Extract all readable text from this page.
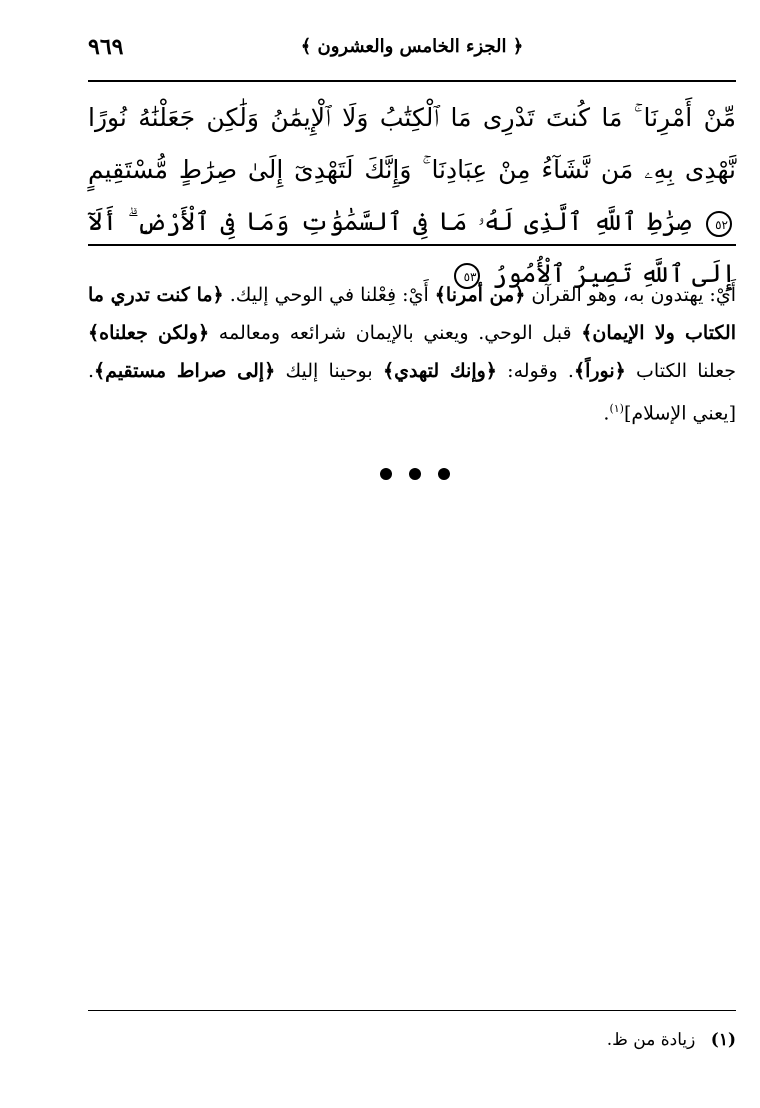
﴿ الجزء الخامس والعشرون ﴾
٩٦٩
مِّنْ أَمْرِنَا ۚ مَا كُنتَ تَدْرِى مَا ٱلْكِتَٰبُ وَلَا ٱلْإِيمَٰنُ وَلَٰكِن جَعَلْنَٰهُ نُورًا نَّهْدِى بِهِۦ مَن نَّشَآءُ مِنْ عِبَادِنَا ۚ وَإِنَّكَ لَتَهْدِىٓ إِلَىٰ صِرَٰطٍ مُّسْتَقِيمٍ ٥٢ صِرَٰطِ ٱللَّهِ ٱلَّذِى لَهُۥ مَا فِى ٱلسَّمَٰوَٰتِ وَمَا فِى ٱلْأَرْضِ ۗ أَلَآ إِلَى ٱللَّهِ تَصِيرُ ٱلْأُمُورُ ٥٣
أَيْ: يهتدون به، وهو القرآن ﴿من أمرنا﴾ أَيْ: فِعْلنا في الوحي إليك. ﴿ما كنت تدري ما الكتاب ولا الإيمان﴾ قبل الوحي. ويعني بالإيمان شرائعه ومعالمه ﴿ولكن جعلناه﴾ جعلنا الكتاب ﴿نوراً﴾. وقوله: ﴿وإنك لتهدي﴾ بوحينا إليك ﴿إلى صراط مستقيم﴾. [يعني الإسلام]$^{(١)}$.
(١) زيادة من ظ.
